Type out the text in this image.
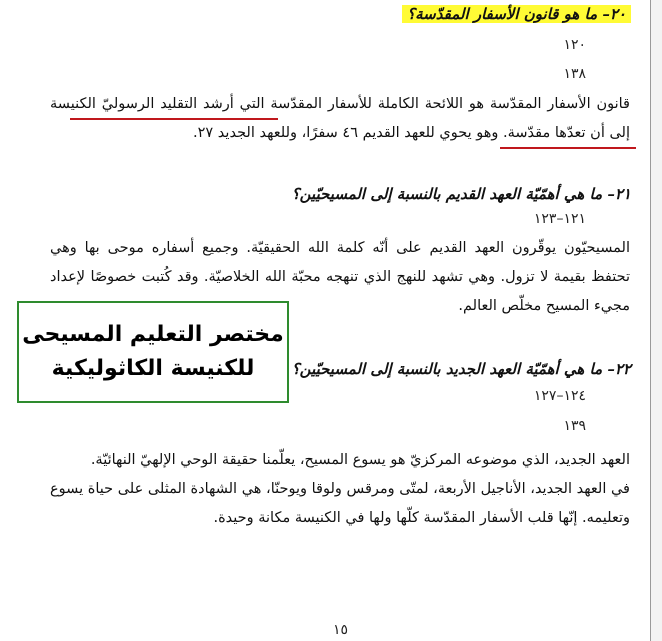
٢٠– ما هو قانون الأسفار المقدّسة؟
١٢٠
١٣٨
قانون الأسفار المقدّسة هو اللائحة الكاملة للأسفار المقدّسة التي أرشد التقليد الرسوليّ الكنيسة إلى أن تعدّها مقدّسة. وهو يحوي للعهد القديم ٤٦ سفرًا، وللعهد الجديد ٢٧.
٢١– ما هي أهمّيّة العهد القديم بالنسبة إلى المسيحيّين؟
١٢١–١٢٣
المسيحيّون يوقّرون العهد القديم على أنّه كلمة الله الحقيقيّة. وجميع أسفاره موحى بها وهي تحتفظ بقيمة لا تزول. وهي تشهد للنهج الذي تنهجه محبّة الله الخلاصيّة. وقد كُتبت خصوصًا لإعداد مجيء المسيح مخلّص العالم.
٢٢– ما هي أهمّيّة العهد الجديد بالنسبة إلى المسيحيّين؟
١٢٤–١٢٧
١٣٩
العهد الجديد، الذي موضوعه المركزيّ هو يسوع المسيح، يعلّمنا حقيقة الوحي الإلهيّ النهائيّة.
في العهد الجديد، الأناجيل الأربعة، لمتّى ومرقس ولوقا ويوحنّا، هي الشهادة المثلى على حياة يسوع وتعليمه. إنّها قلب الأسفار المقدّسة كلّها ولها في الكنيسة مكانة وحيدة.
مختصر التعليم المسيحى
للكنيسة الكاثوليكية
١٥
